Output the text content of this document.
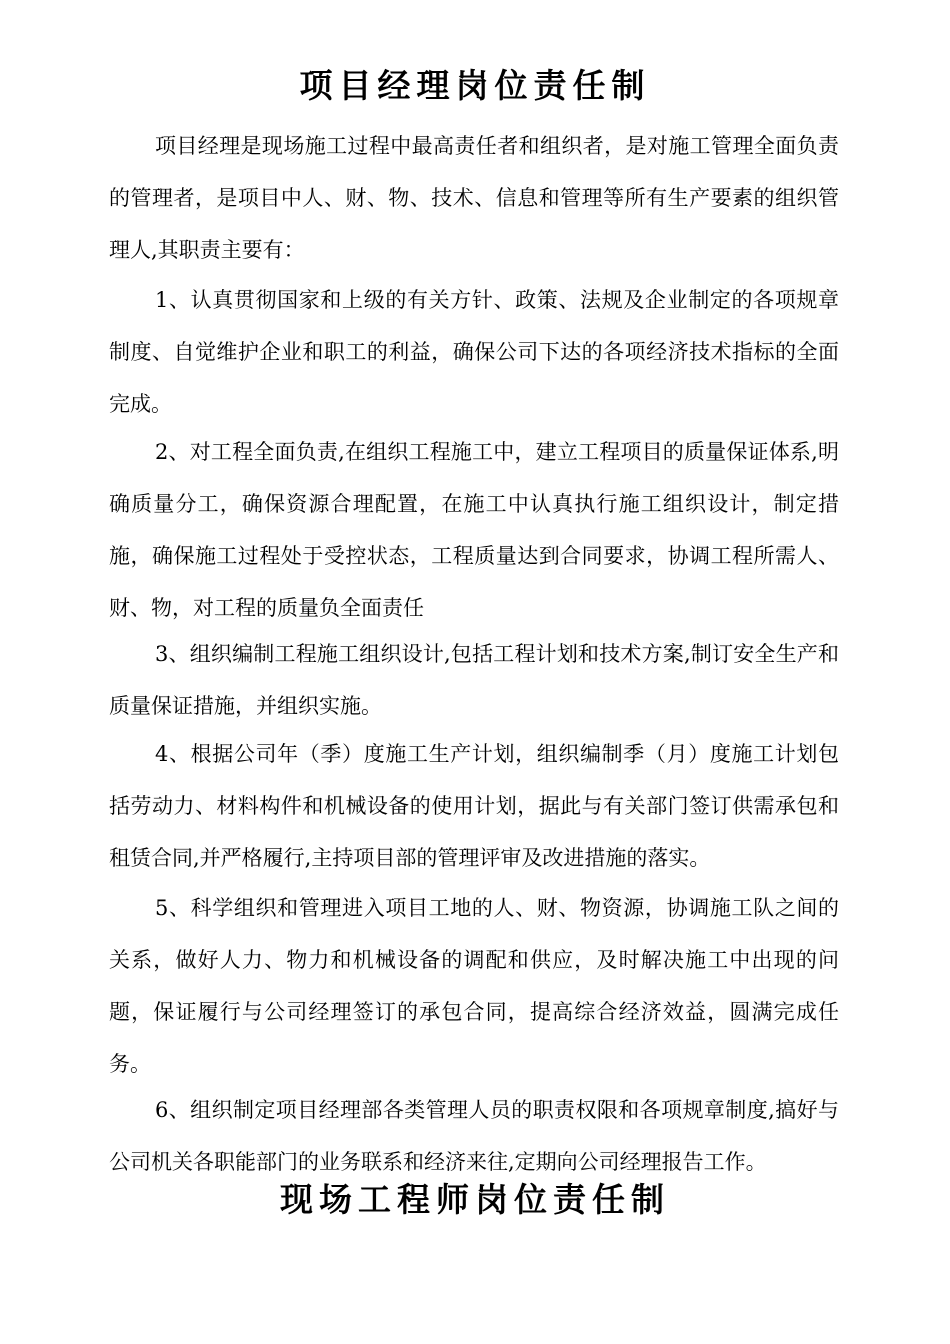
项目经理岗位责任制

项目经理是现场施工过程中最高责任者和组织者，是对施工管理全面负责的管理者，是项目中人、财、物、技术、信息和管理等所有生产要素的组织管理人,其职责主要有：

1、认真贯彻国家和上级的有关方针、政策、法规及企业制定的各项规章制度、自觉维护企业和职工的利益，确保公司下达的各项经济技术指标的全面完成。

2、对工程全面负责,在组织工程施工中，建立工程项目的质量保证体系,明确质量分工，确保资源合理配置，在施工中认真执行施工组织设计，制定措施，确保施工过程处于受控状态，工程质量达到合同要求，协调工程所需人、财、物，对工程的质量负全面责任

3、组织编制工程施工组织设计,包括工程计划和技术方案,制订安全生产和质量保证措施，并组织实施。

4、根据公司年（季）度施工生产计划，组织编制季（月）度施工计划包括劳动力、材料构件和机械设备的使用计划，据此与有关部门签订供需承包和租赁合同,并严格履行,主持项目部的管理评审及改进措施的落实。

5、科学组织和管理进入项目工地的人、财、物资源，协调施工队之间的关系，做好人力、物力和机械设备的调配和供应，及时解决施工中出现的问题，保证履行与公司经理签订的承包合同，提高综合经济效益，圆满完成任务。

6、组织制定项目经理部各类管理人员的职责权限和各项规章制度,搞好与公司机关各职能部门的业务联系和经济来往,定期向公司经理报告工作。

现场工程师岗位责任制
